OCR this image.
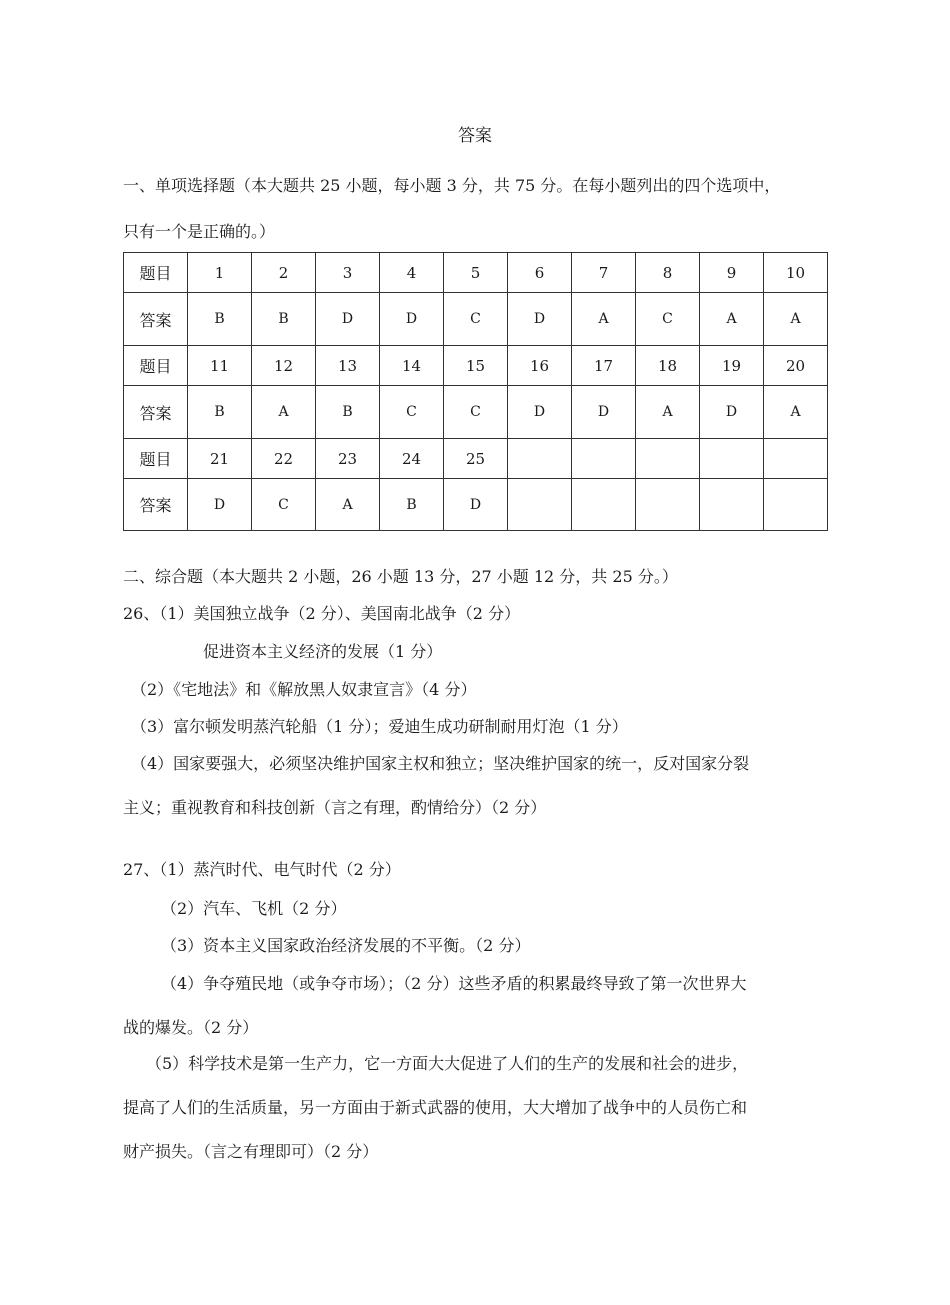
答案
一、单项选择题（本大题共 25 小题，每小题 3 分，共 75 分。在每小题列出的四个选项中，
只有一个是正确的。）
题目	1	2	3	4	5	6	7	8	9	10
答案	B	B	D	D	C	D	A	C	A	A
题目	11	12	13	14	15	16	17	18	19	20
答案	B	A	B	C	C	D	D	A	D	A
题目	21	22	23	24	25					
答案	D	C	A	B	D					
二、综合题（本大题共 2 小题，26 小题 13 分，27 小题 12 分，共 25 分。）
26、（1）美国独立战争（2 分）、美国南北战争（2 分）
促进资本主义经济的发展（1 分）
（2）《宅地法》和《解放黑人奴隶宣言》（4 分）
（3）富尔顿发明蒸汽轮船（1 分）；爱迪生成功研制耐用灯泡（1 分）
（4）国家要强大，必须坚决维护国家主权和独立；坚决维护国家的统一，反对国家分裂
主义；重视教育和科技创新（言之有理，酌情给分）（2 分）
27、（1）蒸汽时代、电气时代（2 分）
（2）汽车、飞机（2 分）
（3）资本主义国家政治经济发展的不平衡。（2 分）
（4）争夺殖民地（或争夺市场）；（2 分）这些矛盾的积累最终导致了第一次世界大
战的爆发。（2 分）
（5）科学技术是第一生产力，它一方面大大促进了人们的生产的发展和社会的进步，
提高了人们的生活质量，另一方面由于新式武器的使用，大大增加了战争中的人员伤亡和
财产损失。（言之有理即可）（2 分）
